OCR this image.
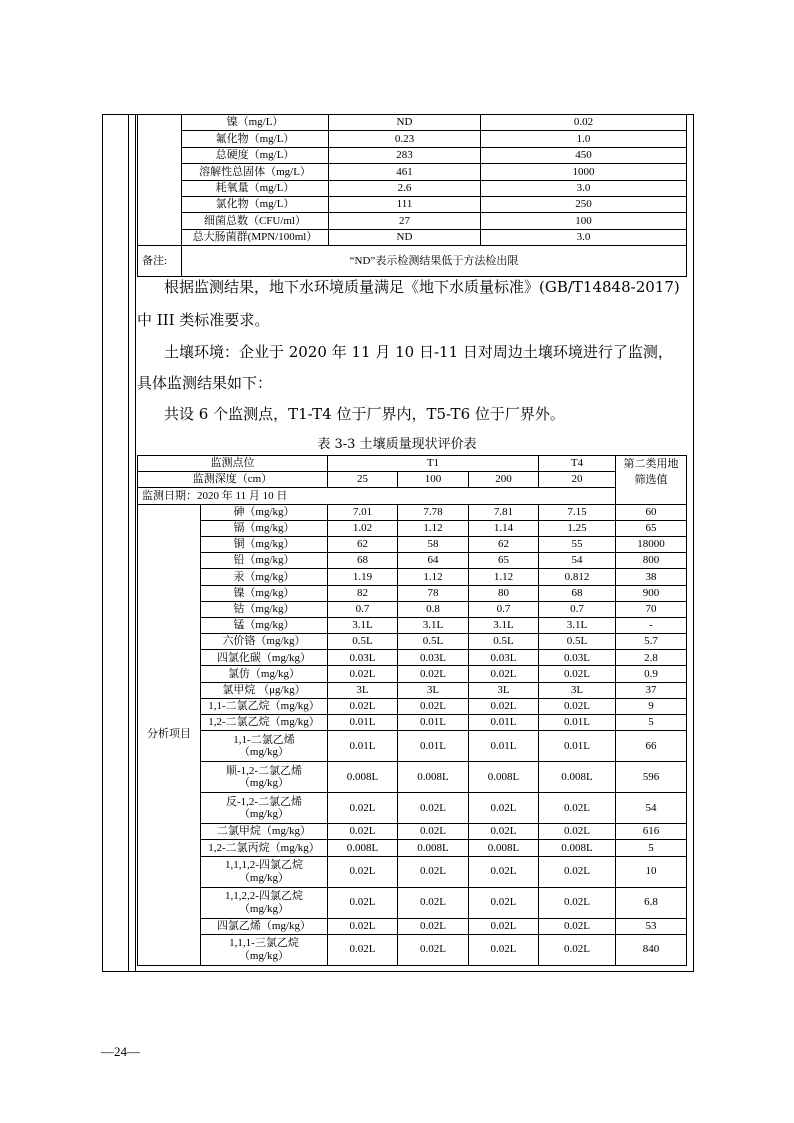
	镍（mg/L）	ND	0.02
	氟化物（mg/L）	0.23	1.0
	总硬度（mg/L）	283	450
	溶解性总固体（mg/L）	461	1000
	耗氧量（mg/L）	2.6	3.0
	氯化物（mg/L）	111	250
	细菌总数（CFU/ml）	27	100
	总大肠菌群(MPN/100ml）	ND	3.0
备注:	“ND”表示检测结果低于方法检出限		
根据监测结果，地下水环境质量满足《地下水质量标准》(GB/T14848-2017)
中 III 类标准要求。
土壤环境：企业于 2020 年 11 月 10 日-11 日对周边土壤环境进行了监测，
具体监测结果如下：
共设 6 个监测点，T1-T4 位于厂界内，T5-T6 位于厂界外。
表 3-3 土壤质量现状评价表
监测点位		T1			T4	第二类用地筛选值
监测深度（cm）		25	100	200	20	
监测日期：2020 年 11 月 10 日						
分析项目	砷（mg/kg）	7.01	7.78	7.81	7.15	60
	镉（mg/kg）	1.02	1.12	1.14	1.25	65
	铜（mg/kg）	62	58	62	55	18000
	铅（mg/kg）	68	64	65	54	800
	汞（mg/kg）	1.19	1.12	1.12	0.812	38
	镍（mg/kg）	82	78	80	68	900
	钴（mg/kg）	0.7	0.8	0.7	0.7	70
	锰（mg/kg）	3.1L	3.1L	3.1L	3.1L	-
	六价铬（mg/kg）	0.5L	0.5L	0.5L	0.5L	5.7
	四氯化碳（mg/kg）	0.03L	0.03L	0.03L	0.03L	2.8
	氯仿（mg/kg）	0.02L	0.02L	0.02L	0.02L	0.9
	氯甲烷 （μg/kg）	3L	3L	3L	3L	37
	1,1-二氯乙烷（mg/kg）	0.02L	0.02L	0.02L	0.02L	9
	1,2-二氯乙烷（mg/kg）	0.01L	0.01L	0.01L	0.01L	5
	1,1-二氯乙烯（mg/kg）	0.01L	0.01L	0.01L	0.01L	66
	顺-1,2-二氯乙烯（mg/kg）	0.008L	0.008L	0.008L	0.008L	596
	反-1,2-二氯乙烯（mg/kg）	0.02L	0.02L	0.02L	0.02L	54
	二氯甲烷（mg/kg）	0.02L	0.02L	0.02L	0.02L	616
	1,2-二氯丙烷（mg/kg）	0.008L	0.008L	0.008L	0.008L	5
	1,1,1,2-四氯乙烷（mg/kg）	0.02L	0.02L	0.02L	0.02L	10
	1,1,2,2-四氯乙烷（mg/kg）	0.02L	0.02L	0.02L	0.02L	6.8
	四氯乙烯（mg/kg）	0.02L	0.02L	0.02L	0.02L	53
	1,1,1-三氯乙烷（mg/kg）	0.02L	0.02L	0.02L	0.02L	840
—24—
